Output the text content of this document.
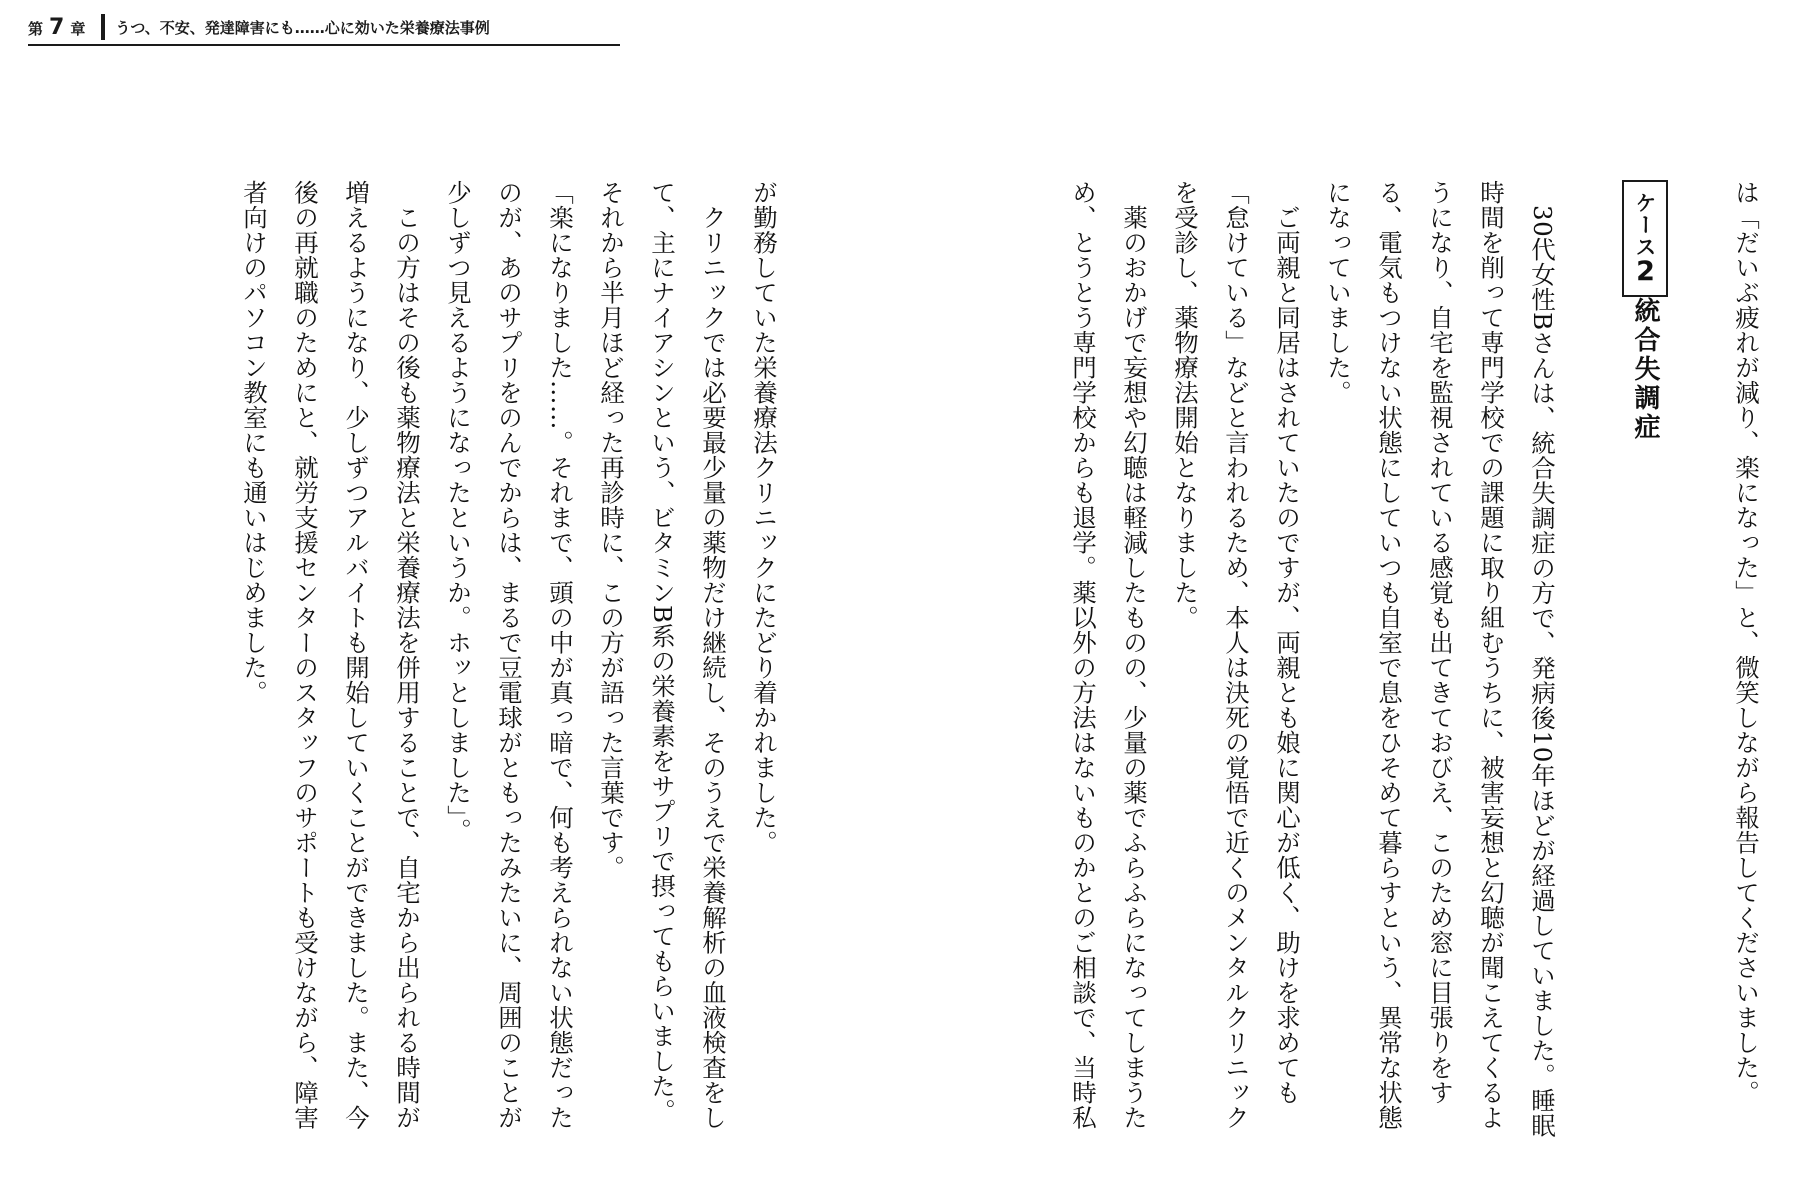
第 7 章 うつ、不安、発達障害にも……心に効いた栄養療法事例

は「だいぶ疲れが減り、楽になった」と、微笑しながら報告してくださいました。

ケース2統合失調症

30代女性Bさんは、統合失調症の方で、発病後10年ほどが経過していました。睡眠時間を削って専門学校での課題に取り組むうちに、被害妄想と幻聴が聞こえてくるようになり、自宅を監視されている感覚も出てきておびえ、このため窓に目張りをする、電気もつけない状態にしていつも自室で息をひそめて暮らすという、異常な状態になっていました。

ご両親と同居はされていたのですが、両親とも娘に関心が低く、助けを求めても「怠けている」などと言われるため、本人は決死の覚悟で近くのメンタルクリニックを受診し、薬物療法開始となりました。

薬のおかげで妄想や幻聴は軽減したものの、少量の薬でふらふらになってしまうため、とうとう専門学校からも退学。薬以外の方法はないものかとのご相談で、当時私

が勤務していた栄養療法クリニックにたどり着かれました。

クリニックでは必要最少量の薬物だけ継続し、そのうえで栄養解析の血液検査をして、主にナイアシンという、ビタミンB系の栄養素をサプリで摂ってもらいました。

それから半月ほど経った再診時に、この方が語った言葉です。

「楽になりました……。それまで、頭の中が真っ暗で、何も考えられない状態だったのが、あのサプリをのんでからは、まるで豆電球がともったみたいに、周囲のことが少しずつ見えるようになったというか。ホッとしました」。

この方はその後も薬物療法と栄養療法を併用することで、自宅から出られる時間が増えるようになり、少しずつアルバイトも開始していくことができました。また、今後の再就職のためにと、就労支援センターのスタッフのサポートも受けながら、障害者向けのパソコン教室にも通いはじめました。
